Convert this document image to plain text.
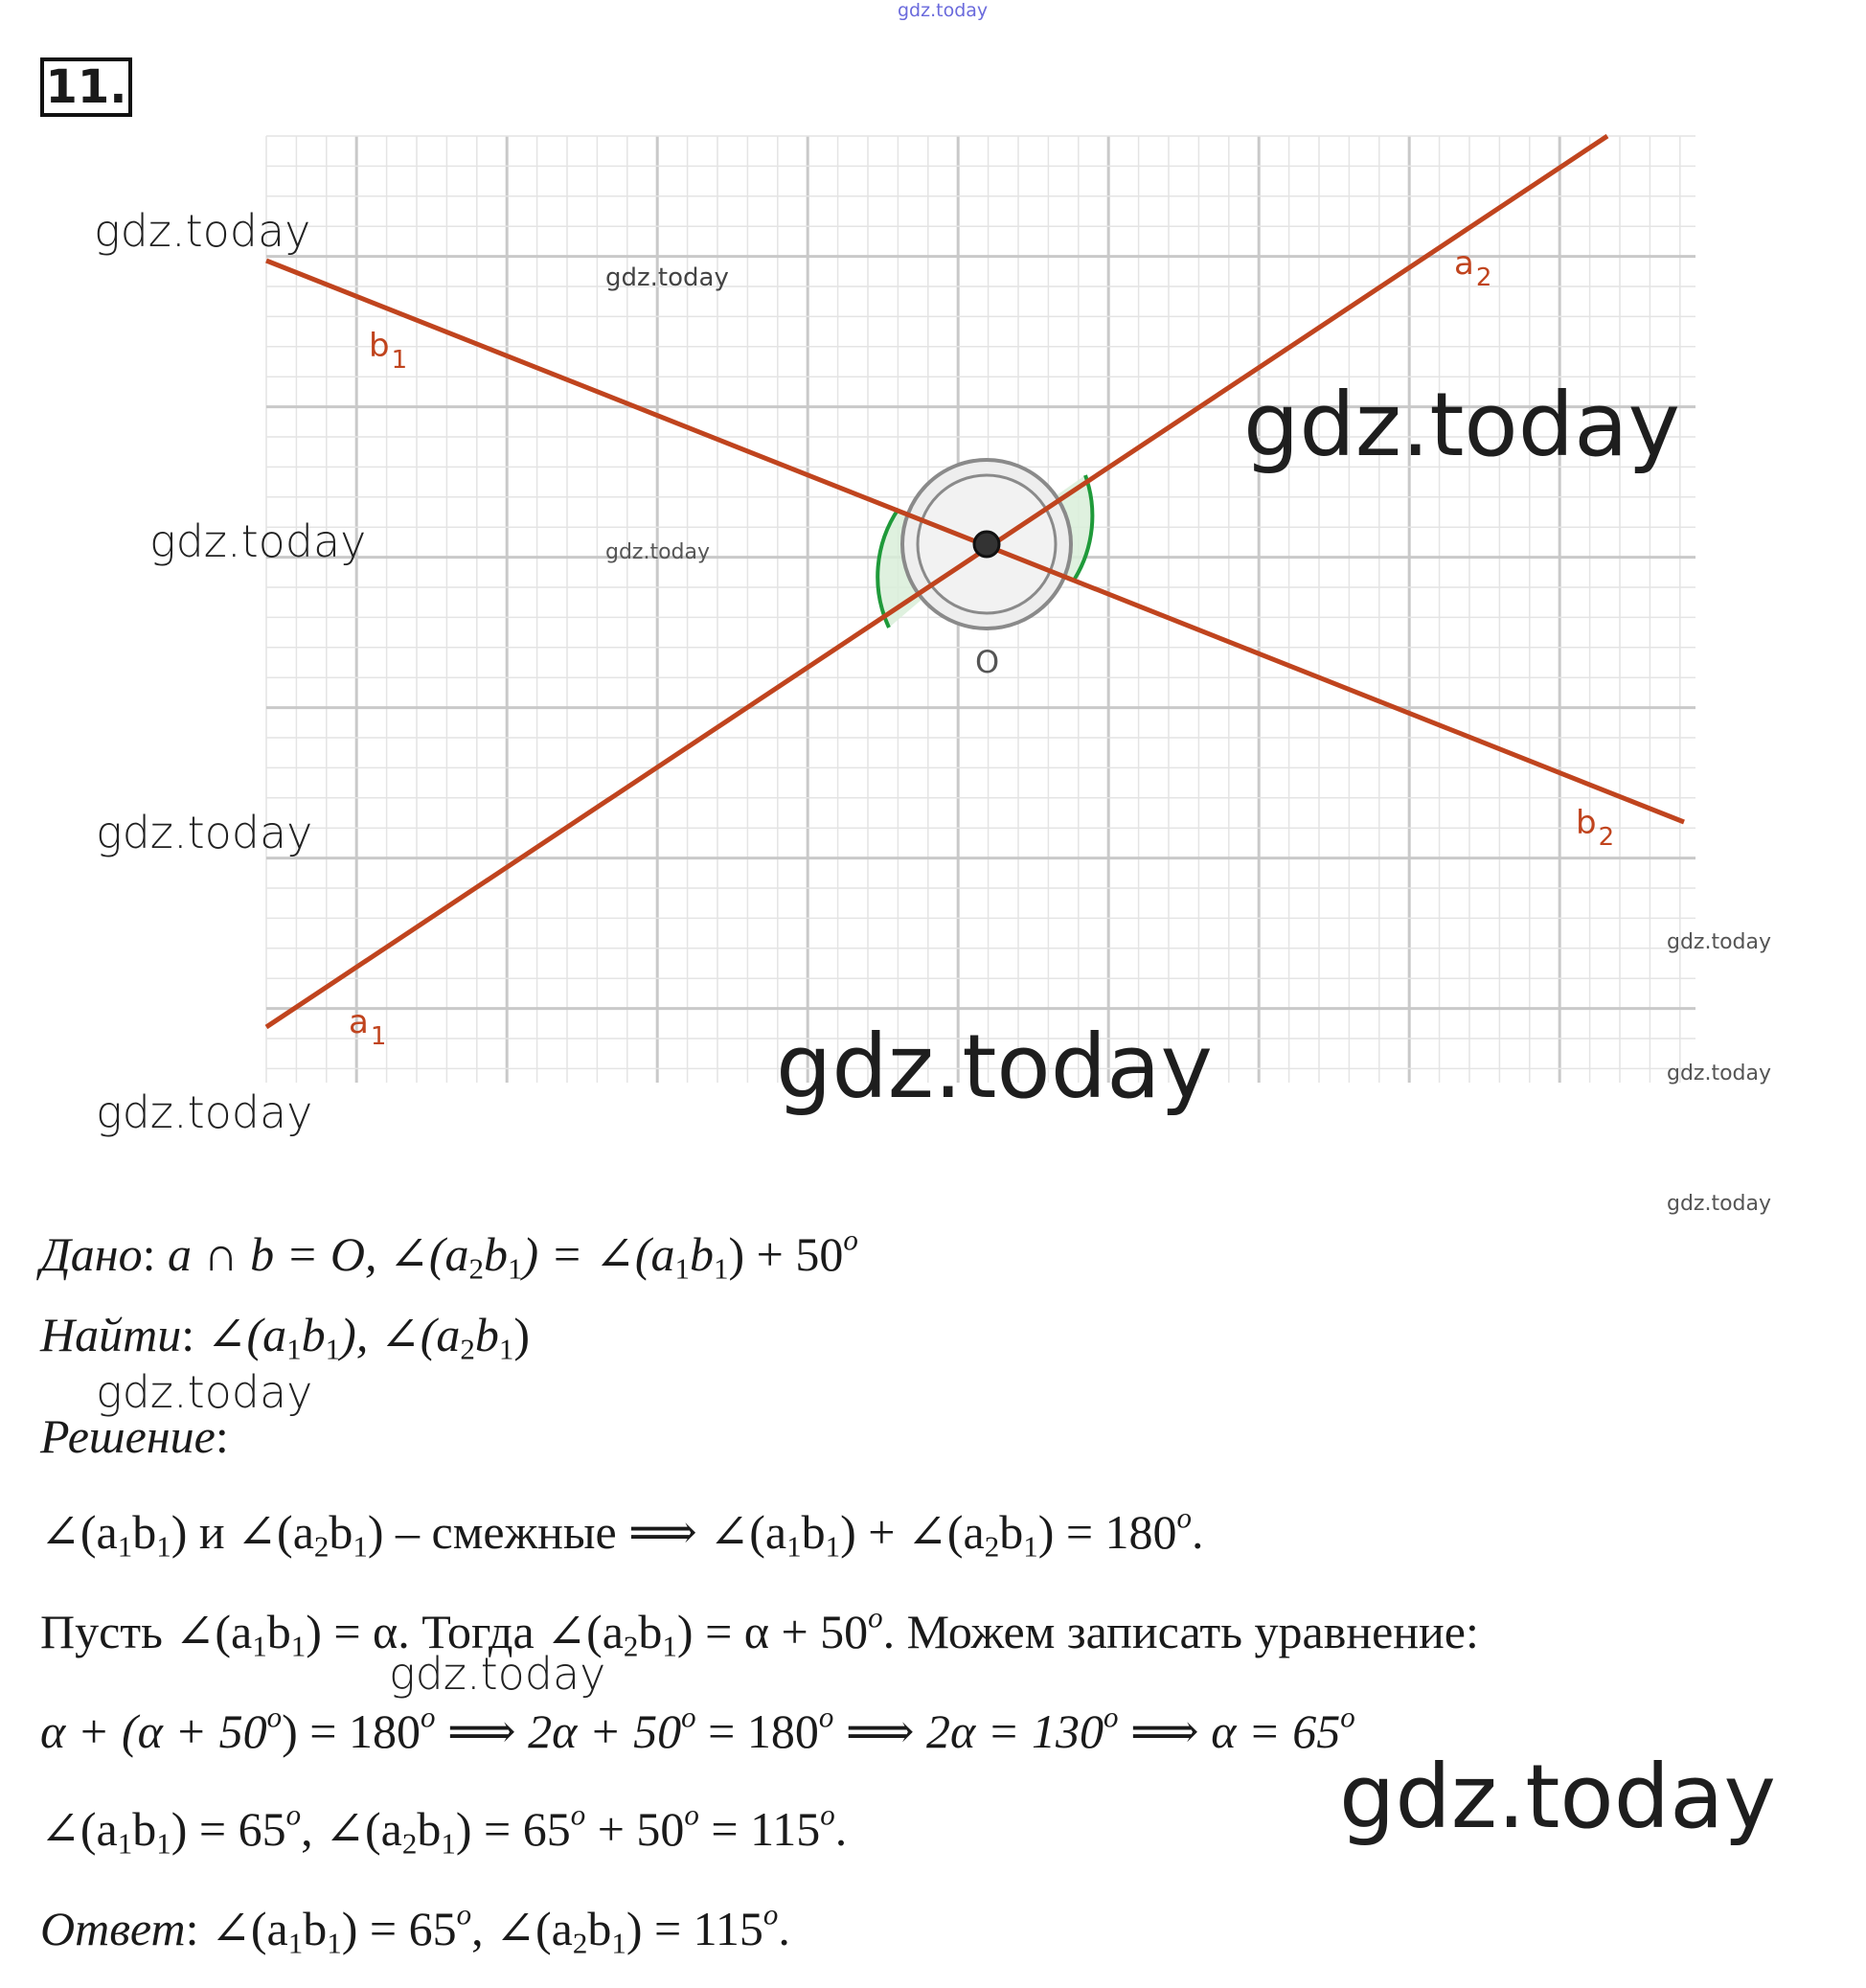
gdz.today
11.
$b_1$
$a_2$
$b_2$
$a_1$
O
gdz.today
gdz.today
gdz.today
gdz.today	gdz.today
gdz.today
gdz.today
gdz.today	gdz.today
gdz.today
gdz.today
gdz.today
gdz.today
gdz.today
Дано: a ∩ b = O, $\angle(a_2b_1)$ = $\angle(a_1b_1) + 50^o$
Найти: $\angle(a_1b_1)$, $\angle(a_2b_1)$
Решение:
$\angle(a_1b_1)$ и $\angle(a_2b_1)$ – смежные ⟹ $\angle(a_1b_1)$ + $\angle(a_2b_1) = 180^o$.
Пусть $\angle(a_1b_1) = \alpha$. Тогда $\angle(a_2b_1) = \alpha + 50^o$. Можем записать уравнение:
$\alpha + (\alpha + 50^o) = 180^o$ ⟹ $2\alpha + 50^o = 180^o$ ⟹ $2\alpha = 130^o$ ⟹ $\alpha = 65^o$
$\angle(a_1b_1) = 65^o$, $\angle(a_2b_1) = 65^o + 50^o = 115^o$.
Ответ: $\angle(a_1b_1) = 65^o$, $\angle(a_2b_1) = 115^o$.
